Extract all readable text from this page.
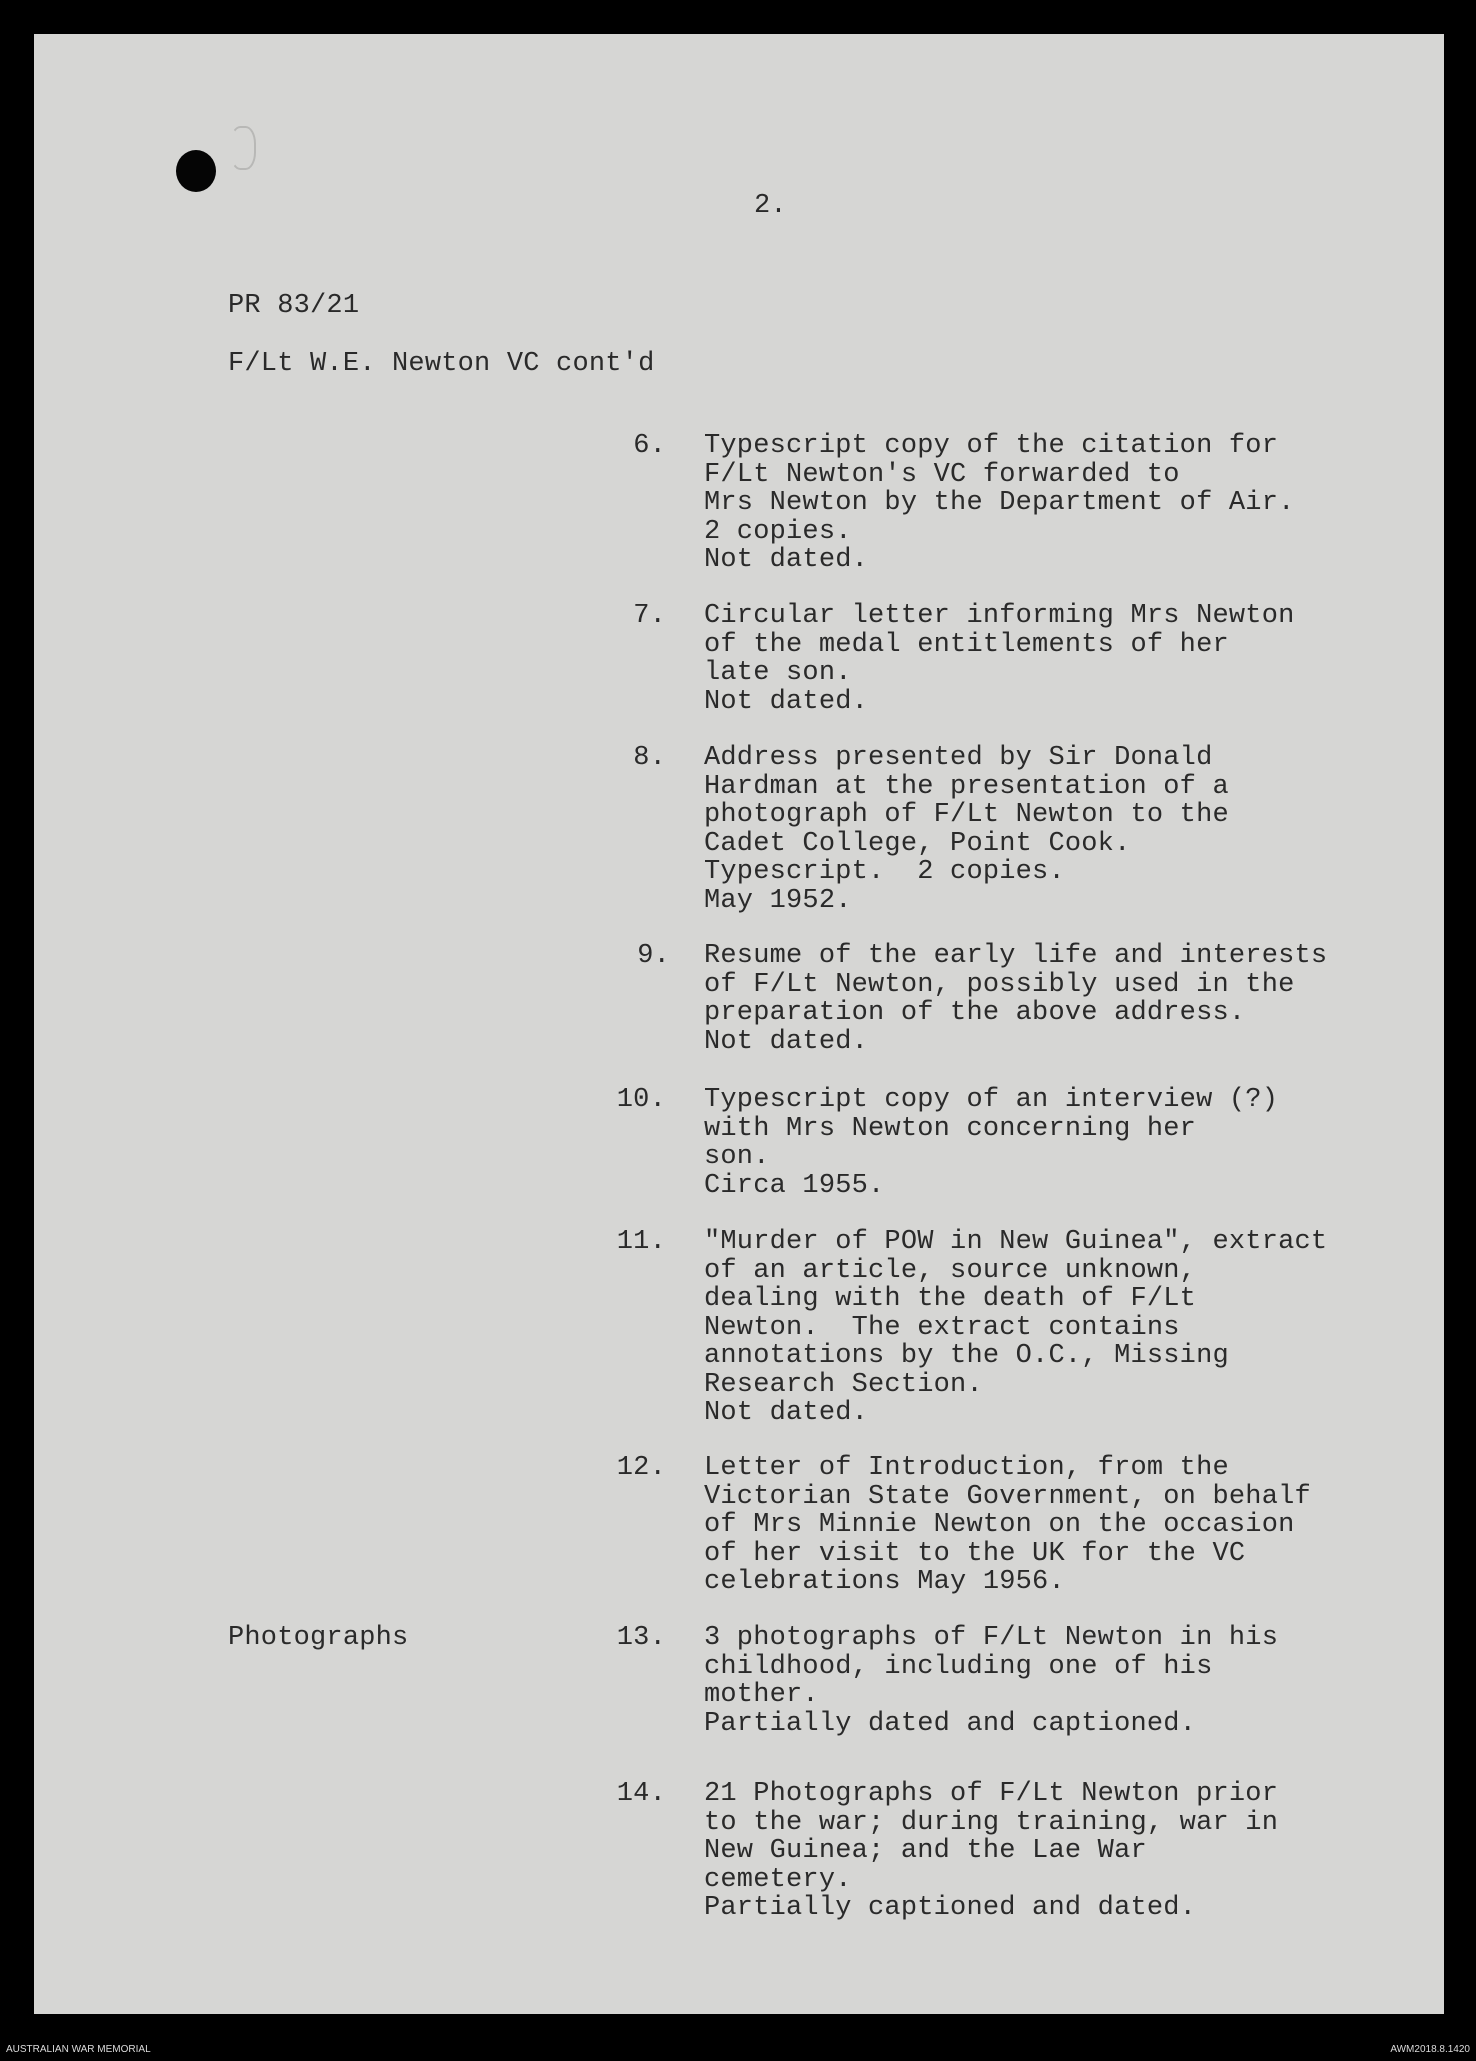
2.
PR 83/21
F/Lt W.E. Newton VC cont'd
6. Typescript copy of the citation for
F/Lt Newton's VC forwarded to
Mrs Newton by the Department of Air.
2 copies.
Not dated.
7. Circular letter informing Mrs Newton
of the medal entitlements of her
late son.
Not dated.
8. Address presented by Sir Donald
Hardman at the presentation of a
photograph of F/Lt Newton to the
Cadet College, Point Cook.
Typescript.  2 copies.
May 1952.
9. Resume of the early life and interests
of F/Lt Newton, possibly used in the
preparation of the above address.
Not dated.
10. Typescript copy of an interview (?)
with Mrs Newton concerning her
son.
Circa 1955.
11. "Murder of POW in New Guinea", extract
of an article, source unknown,
dealing with the death of F/Lt
Newton.  The extract contains
annotations by the O.C., Missing
Research Section.
Not dated.
12. Letter of Introduction, from the
Victorian State Government, on behalf
of Mrs Minnie Newton on the occasion
of her visit to the UK for the VC
celebrations May 1956.
Photographs	13. 3 photographs of F/Lt Newton in his
childhood, including one of his
mother.
Partially dated and captioned.
14. 21 Photographs of F/Lt Newton prior
to the war; during training, war in
New Guinea; and the Lae War
cemetery.
Partially captioned and dated.
AUSTRALIAN WAR MEMORIAL	AWM2018.8.1420
